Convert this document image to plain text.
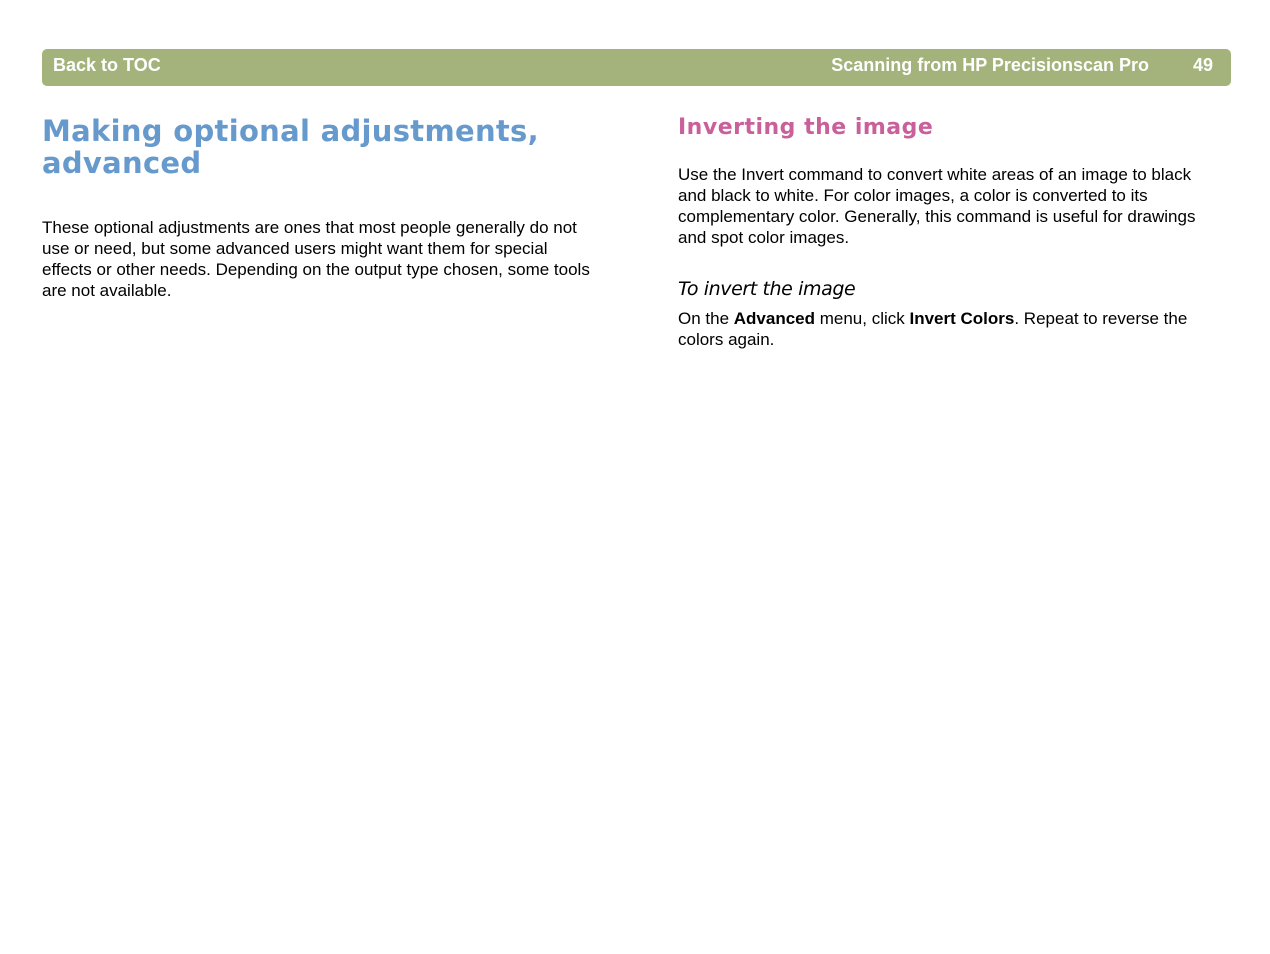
Back to TOC	Scanning from HP Precisionscan Pro 49
Making optional adjustments, advanced

These optional adjustments are ones that most people generally do not use or need, but some advanced users might want them for special effects or other needs. Depending on the output type chosen, some tools are not available.

Inverting the image

Use the Invert command to convert white areas of an image to black and black to white. For color images, a color is converted to its complementary color. Generally, this command is useful for drawings and spot color images.

To invert the image

On the Advanced menu, click Invert Colors. Repeat to reverse the colors again.
